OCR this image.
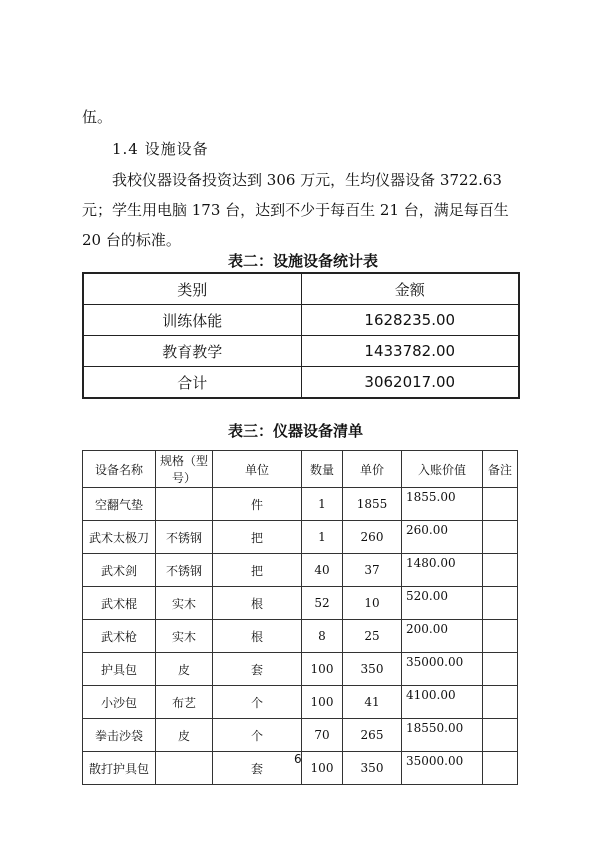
伍。
1.4 设施设备
我校仪器设备投资达到 306 万元，生均仪器设备 3722.63
元；学生用电脑 173 台，达到不少于每百生 21 台，满足每百生
20 台的标准。
表二：设施设备统计表
类别	金额
训练体能	1628235.00
教育教学	1433782.00
合计	3062017.00
表三：仪器设备清单
设备名称	规格（型号）	单位	数量	单价	入账价值	备注
空翻气垫		件	1	1855	1855.00	
武术太极刀	不锈钢	把	1	260	260.00	
武术剑	不锈钢	把	40	37	1480.00	
武术棍	实木	根	52	10	520.00	
武术枪	实木	根	8	25	200.00	
护具包	皮	套	100	350	35000.00	
小沙包	布艺	个	100	41	4100.00	
拳击沙袋	皮	个	70	265	18550.00	
散打护具包		套	100	350	35000.00	
6
